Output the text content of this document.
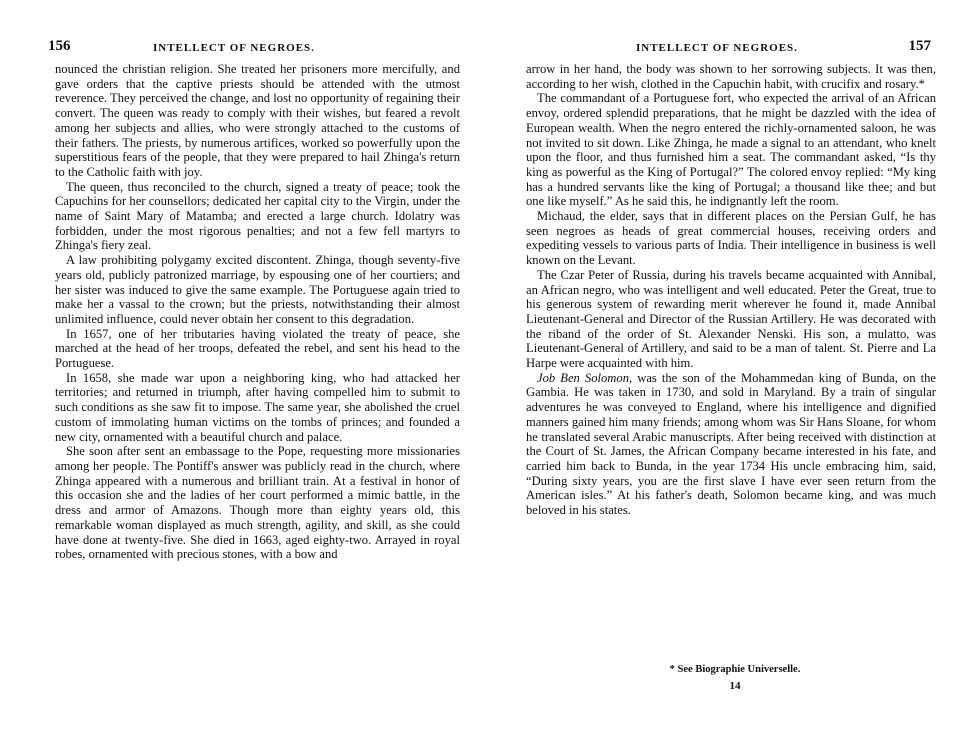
156	INTELLECT OF NEGROES.

nounced the christian religion. She treated her prisoners more mercifully, and gave orders that the captive priests should be attended with the utmost reverence. They perceived the change, and lost no opportunity of regaining their convert. The queen was ready to comply with their wishes, but feared a revolt among her subjects and allies, who were strongly attached to the customs of their fathers. The priests, by numerous artifices, worked so powerfully upon the superstitious fears of the people, that they were prepared to hail Zhinga's return to the Catholic faith with joy.

The queen, thus reconciled to the church, signed a treaty of peace; took the Capuchins for her counsellors; dedicated her capital city to the Virgin, under the name of Saint Mary of Matamba; and erected a large church. Idolatry was forbidden, under the most rigorous penalties; and not a few fell martyrs to Zhinga's fiery zeal.

A law prohibiting polygamy excited discontent. Zhinga, though seventy-five years old, publicly patronized marriage, by espousing one of her courtiers; and her sister was induced to give the same example. The Portuguese again tried to make her a vassal to the crown; but the priests, notwithstanding their almost unlimited influence, could never obtain her consent to this degradation.

In 1657, one of her tributaries having violated the treaty of peace, she marched at the head of her troops, defeated the rebel, and sent his head to the Portuguese.

In 1658, she made war upon a neighboring king, who had attacked her territories; and returned in triumph, after having compelled him to submit to such conditions as she saw fit to impose. The same year, she abolished the cruel custom of immolating human victims on the tombs of princes; and founded a new city, ornamented with a beautiful church and palace.

She soon after sent an embassage to the Pope, requesting more missionaries among her people. The Pontiff's answer was publicly read in the church, where Zhinga appeared with a numerous and brilliant train. At a festival in honor of this occasion she and the ladies of her court performed a mimic battle, in the dress and armor of Amazons. Though more than eighty years old, this remarkable woman displayed as much strength, agility, and skill, as she could have done at twenty-five. She died in 1663, aged eighty-two. Arrayed in royal robes, ornamented with precious stones, with a bow and

INTELLECT OF NEGROES.	157

arrow in her hand, the body was shown to her sorrowing subjects. It was then, according to her wish, clothed in the Capuchin habit, with crucifix and rosary.*

The commandant of a Portuguese fort, who expected the arrival of an African envoy, ordered splendid preparations, that he might be dazzled with the idea of European wealth. When the negro entered the richly-ornamented saloon, he was not invited to sit down. Like Zhinga, he made a signal to an attendant, who knelt upon the floor, and thus furnished him a seat. The commandant asked, “Is thy king as powerful as the King of Portugal?” The colored envoy replied: “My king has a hundred servants like the king of Portugal; a thousand like thee; and but one like myself.” As he said this, he indignantly left the room.

Michaud, the elder, says that in different places on the Persian Gulf, he has seen negroes as heads of great commercial houses, receiving orders and expediting vessels to various parts of India. Their intelligence in business is well known on the Levant.

The Czar Peter of Russia, during his travels became acquainted with Annibal, an African negro, who was intelligent and well educated. Peter the Great, true to his generous system of rewarding merit wherever he found it, made Annibal Lieutenant-General and Director of the Russian Artillery. He was decorated with the riband of the order of St. Alexander Nenski. His son, a mulatto, was Lieutenant-General of Artillery, and said to be a man of talent. St. Pierre and La Harpe were acquainted with him.

Job Ben Solomon, was the son of the Mohammedan king of Bunda, on the Gambia. He was taken in 1730, and sold in Maryland. By a train of singular adventures he was conveyed to England, where his intelligence and dignified manners gained him many friends; among whom was Sir Hans Sloane, for whom he translated several Arabic manuscripts. After being received with distinction at the Court of St. James, the African Company became interested in his fate, and carried him back to Bunda, in the year 1734 His uncle embracing him, said, “During sixty years, you are the first slave I have ever seen return from the American isles.” At his father's death, Solomon became king, and was much beloved in his states.

* See Biographie Universelle.
14
